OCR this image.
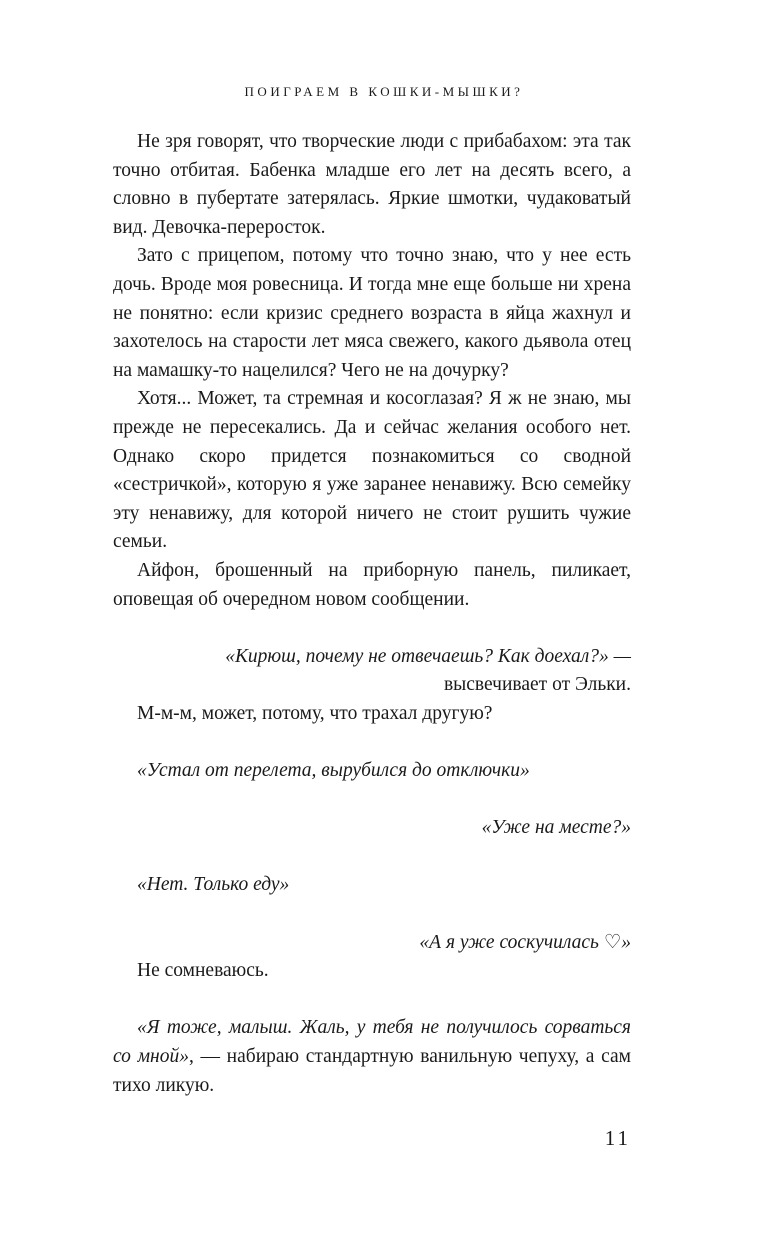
ПОИГРАЕМ В КОШКИ-МЫШКИ?

Не зря говорят, что творческие люди с прибабахом: эта так точно отбитая. Бабенка младше его лет на десять всего, а словно в пубертате затерялась. Яркие шмотки, чудаковатый вид. Девочка-переросток.

Зато с прицепом, потому что точно знаю, что у нее есть дочь. Вроде моя ровесница. И тогда мне еще больше ни хрена не понятно: если кризис среднего возраста в яйца жахнул и захотелось на старости лет мяса свежего, какого дьявола отец на мамашку-то нацелился? Чего не на дочурку?

Хотя... Может, та стремная и косоглазая? Я ж не знаю, мы прежде не пересекались. Да и сейчас желания особого нет. Однако скоро придется познакомиться со сводной «сестричкой», которую я уже заранее ненавижу. Всю семейку эту ненавижу, для которой ничего не стоит рушить чужие семьи.

Айфон, брошенный на приборную панель, пиликает, оповещая об очередном новом сообщении.

«Кирюш, почему не отвечаешь? Как доехал?» —

высвечивает от Эльки.

М-м-м, может, потому, что трахал другую?

«Устал от перелета, вырубился до отключки»

«Уже на месте?»

«Нет. Только еду»

«А я уже соскучилась ♡»

Не сомневаюсь.

«Я тоже, малыш. Жаль, у тебя не получилось сорваться со мной», — набираю стандартную ванильную чепуху, а сам тихо ликую.

11
